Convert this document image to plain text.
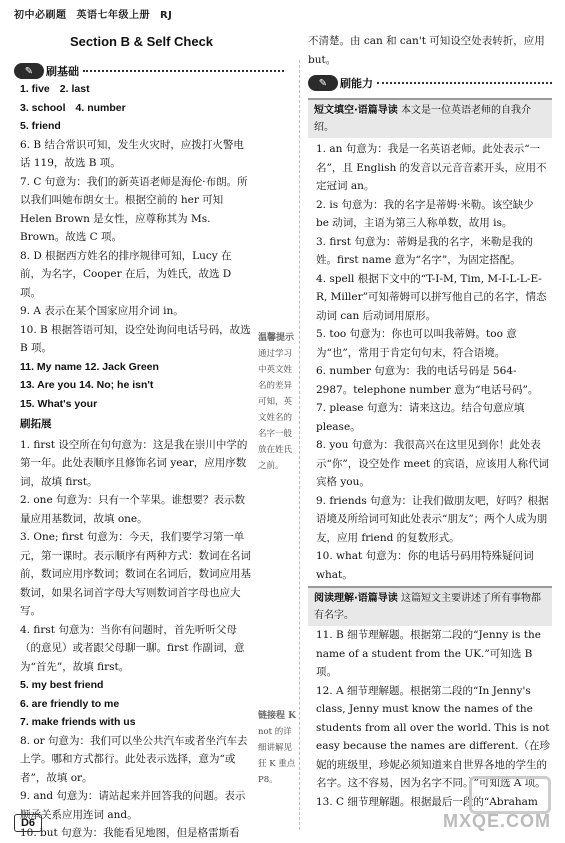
初中必刷题 英语七年级上册 RJ
Section B & Self Check
✎	刷基础

1. five 2. last

3. school 4. number

5. friend

6. B 结合常识可知，发生火灾时，应拨打火警电话 119，故选 B 项。

7. C 句意为：我们的新英语老师是海伦·布朗。所以我们叫她布朗女士。根据空前的 her 可知 Helen Brown 是女性，应尊称其为 Ms. Brown。故选 C 项。

8. D 根据西方姓名的排序规律可知，Lucy 在前，为名字，Cooper 在后，为姓氏，故选 D 项。

9. A 表示在某个国家应用介词 in。

10. B 根据答语可知，设空处询问电话号码，故选 B 项。

11. My name 12. Jack Green

13. Are you 14. No; he isn't

15. What's your

刷拓展

1. first 设空所在句句意为：这是我在崇川中学的第一年。此处表顺序且修饰名词 year，应用序数词，故填 first。

2. one 句意为：只有一个苹果。谁想要？表示数量应用基数词，故填 one。

3. One; first 句意为：今天，我们要学习第一单元，第一课时。表示顺序有两种方式：数词在名词前，数词应用序数词；数词在名词后，数词应用基数词，如果名词首字母大写则数词首字母也应大写。

4. first 句意为：当你有问题时，首先听听父母（的意见）或者跟父母聊一聊。first 作副词，意为“首先”，故填 first。

5. my best friend

6. are friendly to me

7. make friends with us

8. or 句意为：我们可以坐公共汽车或者坐汽车去上学。哪和方式都行。此处表示选择，意为“或者”，故填 or。

9. and 句意为：请站起来并回答我的问题。表示顺承关系应用连词 and。

10. but 句意为：我能看见地图，但是格雷斯看

温馨提示
通过学习中英文姓名的差异可知，英文姓名的名字一般放在姓氏之前。
链接程 K
not 的详细讲解见狂 K 重点 P8。

不清楚。由 can 和 can't 可知设空处表转折，应用 but。

✎	刷能力
短文填空·语篇导读 本文是一位英语老师的自我介绍。

1. an 句意为：我是一名英语老师。此处表示“一名”，且 English 的发音以元音音素开头，应用不定冠词 an。

2. is 句意为：我的名字是蒂姆·米勒。该空缺少 be 动词，主语为第三人称单数，故用 is。

3. first 句意为：蒂姆是我的名字，米勒是我的姓。first name 意为“名字”，为固定搭配。

4. spell 根据下文中的“T-I-M, Tim, M-I-L-L-E-R, Miller”可知蒂姆可以拼写他自己的名字，情态动词 can 后动词用原形。

5. too 句意为：你也可以叫我蒂姆。too 意为“也”，常用于肯定句句末，符合语境。

6. number 句意为：我的电话号码是 564-2987。telephone number 意为“电话号码”。

7. please 句意为：请来这边。结合句意应填 please。

8. you 句意为：我很高兴在这里见到你！此处表示“你”，设空处作 meet 的宾语，应该用人称代词宾格 you。

9. friends 句意为：让我们做朋友吧，好吗？根据语境及所给词可知此处表示“朋友”；两个人成为朋友，应用 friend 的复数形式。

10. what 句意为：你的电话号码用特殊疑问词 what。

阅读理解·语篇导读 这篇短文主要讲述了所有事物都有名字。

11. B 细节理解题。根据第二段的“Jenny is the name of a student from the UK.”可知选 B 项。

12. A 细节理解题。根据第二段的“In Jenny's class, Jenny must know the names of the students from all over the world. This is not easy because the names are different.（在珍妮的班级里，珍妮必须知道来自世界各地的学生的名字。这不容易，因为名字不同。）”可知选 A 项。

13. C 细节理解题。根据最后一段的“Abraham

D6	MXQE.COM
